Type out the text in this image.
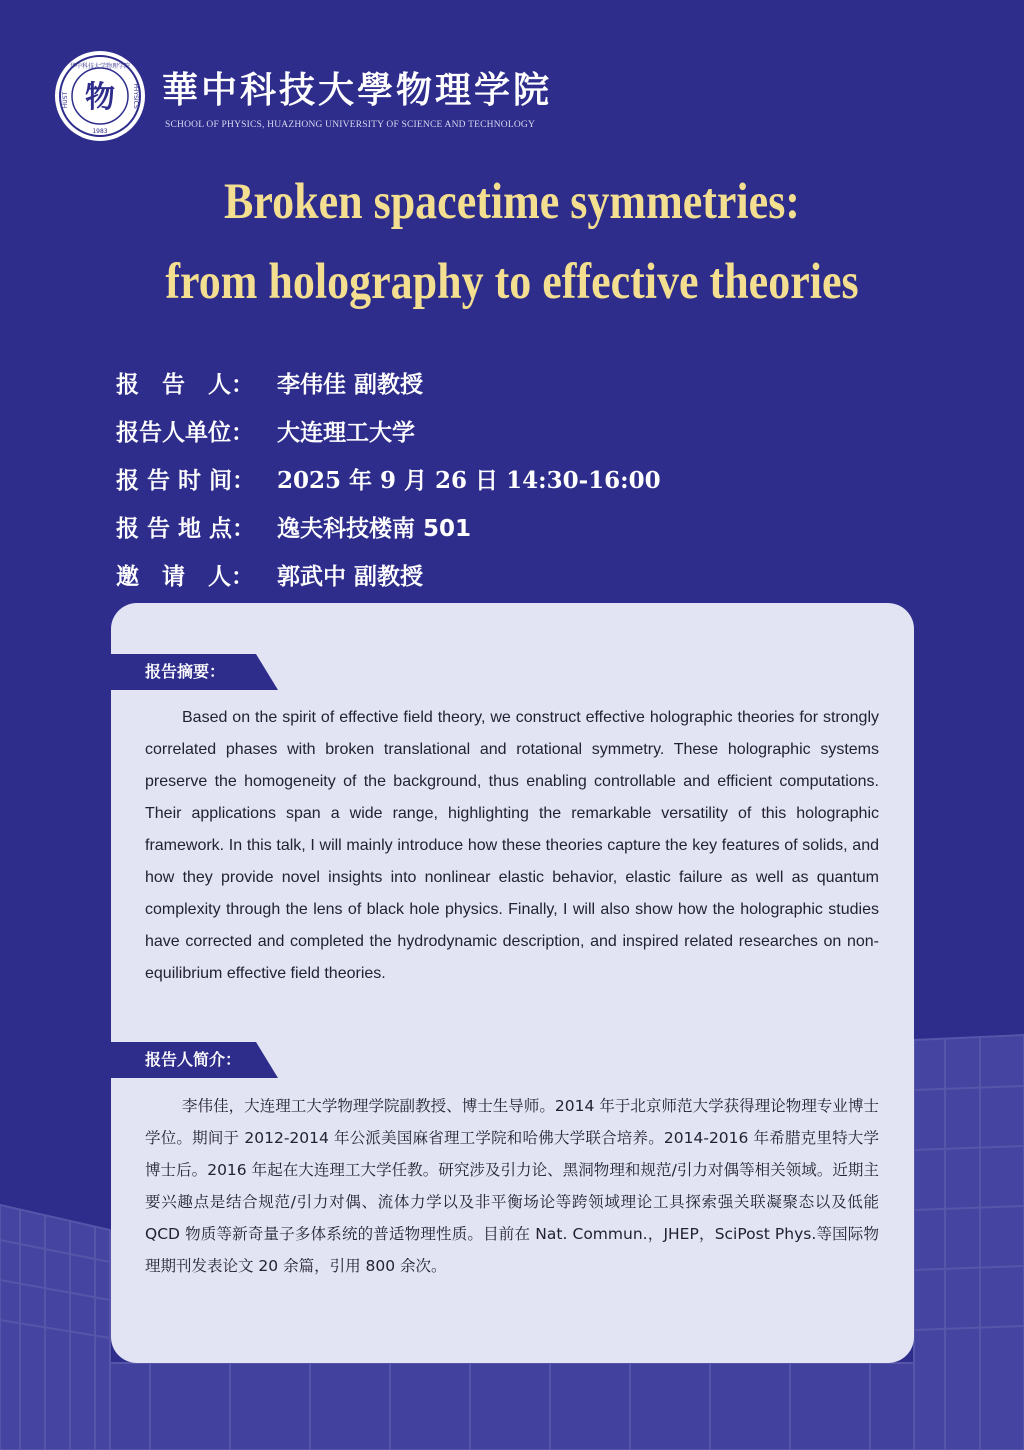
物
华中科技大学物理学院
HUST	PHYSICS
1983
華中科技大學物理学院
SCHOOL OF PHYSICS, HUAZHONG UNIVERSITY OF SCIENCE AND TECHNOLOGY
Broken spacetime symmetries:
from holography to effective theories
报　告　人：	李伟佳 副教授
报告人单位：	大连理工大学
报 告 时 间： 2025 年 9 月 26 日 14:30-16:00
报 告 地 点： 逸夫科技楼南 501
邀　请　人：	郭武中 副教授
报告摘要：

Based on the spirit of effective field theory, we construct effective holographic theories for strongly correlated phases with broken translational and rotational symmetry. These holographic systems preserve the homogeneity of the background, thus enabling controllable and efficient computations. Their applications span a wide range, highlighting the remarkable versatility of this holographic framework. In this talk, I will mainly introduce how these theories capture the key features of solids, and how they provide novel insights into nonlinear elastic behavior, elastic failure as well as quantum complexity through the lens of black hole physics. Finally, I will also show how the holographic studies have corrected and completed the hydrodynamic description, and inspired related researches on non-equilibrium effective field theories.

报告人简介：

李伟佳，大连理工大学物理学院副教授、博士生导师。2014 年于北京师范大学获得理论物理专业博士学位。期间于 2012-2014 年公派美国麻省理工学院和哈佛大学联合培养。2014-2016 年希腊克里特大学博士后。2016 年起在大连理工大学任教。研究涉及引力论、黑洞物理和规范/引力对偶等相关领域。近期主要兴趣点是结合规范/引力对偶、流体力学以及非平衡场论等跨领域理论工具探索强关联凝聚态以及低能 QCD 物质等新奇量子多体系统的普适物理性质。目前在 Nat. Commun.，JHEP，SciPost Phys.等国际物理期刊发表论文 20 余篇，引用 800 余次。
